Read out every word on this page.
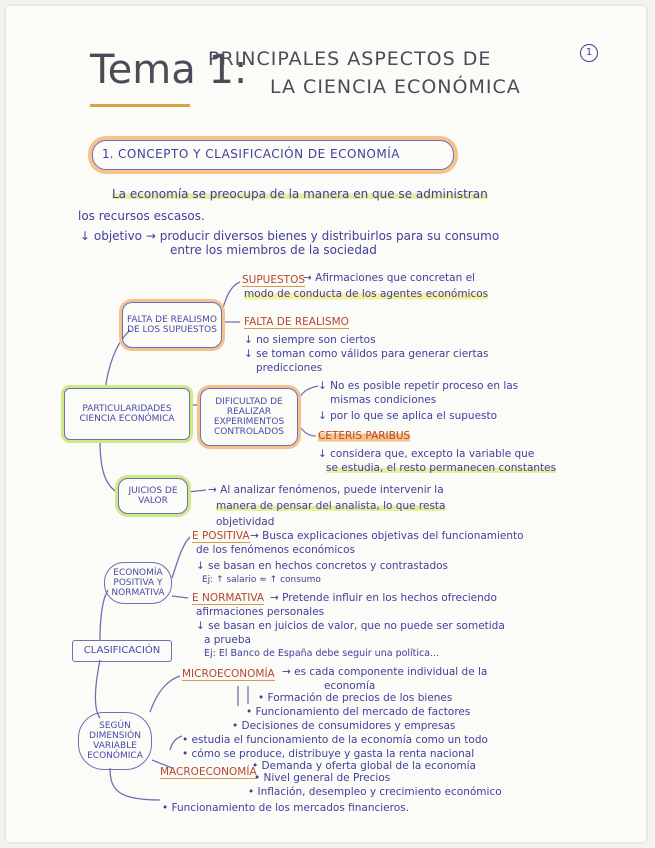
1
Tema 1:
PRINCIPALES ASPECTOS DE
LA CIENCIA ECONÓMICA
1. CONCEPTO Y CLASIFICACIÓN DE ECONOMÍA
La economía se preocupa de la manera en que se administran
los recursos escasos.
↓ objetivo → producir diversos bienes y distribuirlos para su consumo
entre los miembros de la sociedad
PARTICULARIDADES CIENCIA ECONÓMICA
FALTA DE REALISMO DE LOS SUPUESTOS
DIFICULTAD DE REALIZAR EXPERIMENTOS CONTROLADOS
JUICIOS DE VALOR
SUPUESTOS
→ Afirmaciones que concretan el
modo de conducta de los agentes económicos
FALTA DE REALISMO
↓ no siempre son ciertos
↓ se toman como válidos para generar ciertas
predicciones
↓ No es posible repetir proceso en las
mismas condiciones
↓ por lo que se aplica el supuesto
CETERIS PARIBUS
↓ considera que, excepto la variable que
se estudia, el resto permanecen constantes
→ Al analizar fenómenos, puede intervenir la
manera de pensar del analista, lo que resta
objetividad
ECONOMÍA POSITIVA Y NORMATIVA
CLASIFICACIÓN
SEGÚN DIMENSIÓN VARIABLE ECONÓMICA
E POSITIVA → Busca explicaciones objetivas del funcionamiento
de los fenómenos económicos
↓ se basan en hechos concretos y contrastados
Ej: ↑ salario ≈ ↑ consumo
E NORMATIVA → Pretende influir en los hechos ofreciendo
afirmaciones personales
↓ se basan en juicios de valor, que no puede ser sometida
a prueba
Ej: El Banco de España debe seguir una política...
MICROECONOMÍA → es cada componente individual de la
economía
• Formación de precios de los bienes
• Funcionamiento del mercado de factores
• Decisiones de consumidores y empresas
• estudia el funcionamiento de la economía como un todo
• cómo se produce, distribuye y gasta la renta nacional
MACROECONOMÍA
• Demanda y oferta global de la economía
• Nivel general de Precios
• Inflación, desempleo y crecimiento económico
• Funcionamiento de los mercados financieros.
